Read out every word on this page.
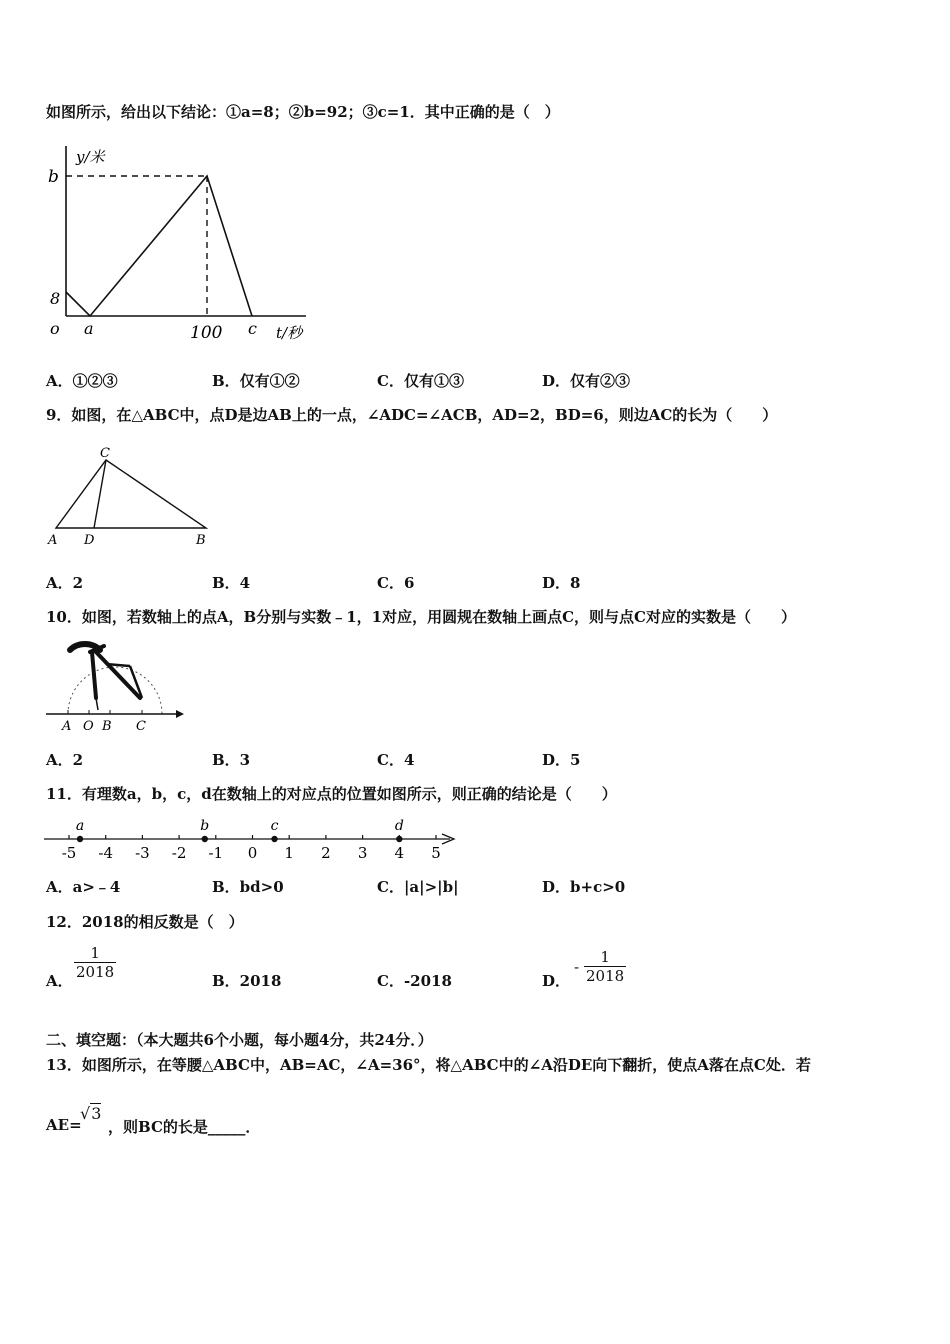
如图所示，给出以下结论：①a=8；②b=92；③c=1．其中正确的是（　）
y/米
b
8
o a	100 c t/秒
A．①②③	B．仅有①②	C．仅有①③	D．仅有②③
9．如图，在△ABC中，点D是边AB上的一点，∠ADC=∠ACB，AD=2，BD=6，则边AC的长为（　　）
C
A D	B
A．2	B．4	C．6	D．8
10．如图，若数轴上的点A，B分别与实数﹣1，1对应，用圆规在数轴上画点C，则与点C对应的实数是（　　）
A O B C
A．2	B．3	C．4	D．5
11．有理数a，b，c，d在数轴上的对应点的位置如图所示，则正确的结论是（　　）
-5 -4 -3 -2 -1 0 1 2 3 4 5
a	b	c	d
A．a>﹣4	B．bd>0	C．|a|>|b|	D．b+c>0
12．2018的相反数是（　）
A． $\frac{1}{2018}$	B．2018	C．-2018	D．
- $\frac{1}{2018}$
二、填空题：（本大题共6个小题，每小题4分，共24分．）
13．如图所示，在等腰△ABC中，AB=AC，∠A=36°，将△ABC中的∠A沿DE向下翻折，使点A落在点C处．若
AE=
√3
，则BC的长是_____．
